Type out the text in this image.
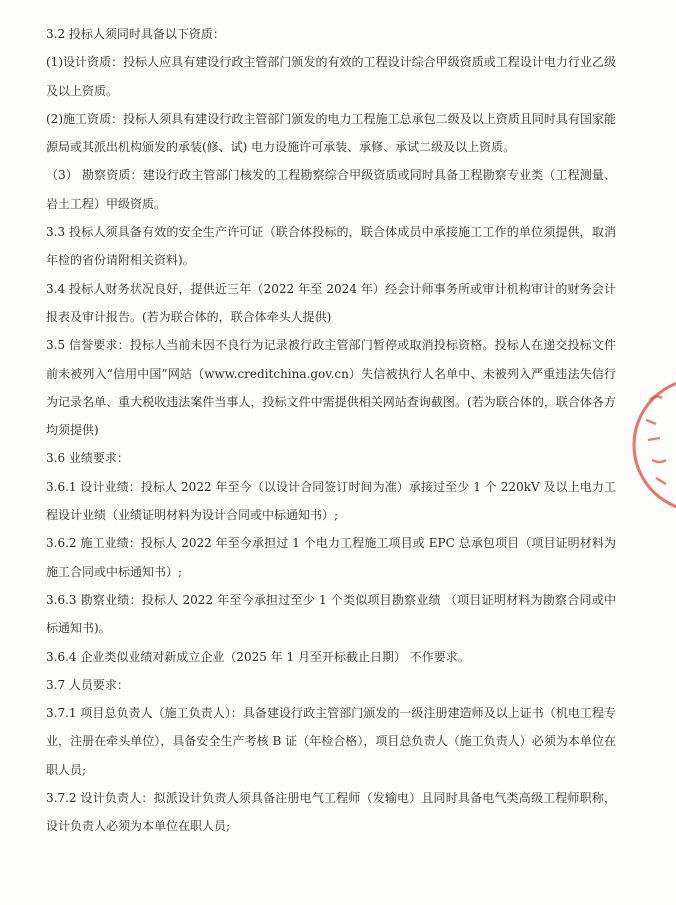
3.2 投标人须同时具备以下资质：

(1)设计资质：投标人应具有建设行政主管部门颁发的有效的工程设计综合甲级资质或工程设计电力行业乙级及以上资质。

(2)施工资质：投标人须具有建设行政主管部门颁发的电力工程施工总承包二级及以上资质且同时具有国家能源局或其派出机构颁发的承装(修、试) 电力设施许可承装、承修、承试二级及以上资质。

（3） 勘察资质：建设行政主管部门核发的工程勘察综合甲级资质或同时具备工程勘察专业类（工程测量、岩土工程）甲级资质。

3.3 投标人须具备有效的安全生产许可证（联合体投标的，联合体成员中承接施工工作的单位须提供，取消年检的省份请附相关资料)。

3.4 投标人财务状况良好，提供近三年（2022 年至 2024 年）经会计师事务所或审计机构审计的财务会计报表及审计报告。(若为联合体的，联合体牵头人提供)

3.5 信誉要求：投标人当前未因不良行为记录被行政主管部门暂停或取消投标资格。投标人在递交投标文件前未被列入“信用中国”网站（www.creditchina.gov.cn）失信被执行人名单中、未被列入严重违法失信行为记录名单、重大税收违法案件当事人，投标文件中需提供相关网站查询截图。(若为联合体的，联合体各方均须提供)

3.6 业绩要求：

3.6.1 设计业绩：投标人 2022 年至今（以设计合同签订时间为准）承接过至少 1 个 220kV 及以上电力工程设计业绩（业绩证明材料为设计合同或中标通知书）;

3.6.2 施工业绩：投标人 2022 年至今承担过 1 个电力工程施工项目或 EPC 总承包项目（项目证明材料为施工合同或中标通知书）;

3.6.3 勘察业绩：投标人 2022 年至今承担过至少 1 个类似项目勘察业绩 （项目证明材料为勘察合同或中标通知书)。

3.6.4 企业类似业绩对新成立企业（2025 年 1 月至开标截止日期） 不作要求。

3.7 人员要求：

3.7.1 项目总负责人（施工负责人）：具备建设行政主管部门颁发的一级注册建造师及以上证书（机电工程专业，注册在牵头单位），具备安全生产考核 B 证（年检合格），项目总负责人（施工负责人）必须为本单位在职人员;

3.7.2 设计负责人：拟派设计负责人须具备注册电气工程师（发输电）且同时具备电气类高级工程师职称，设计负责人必须为本单位在职人员;
